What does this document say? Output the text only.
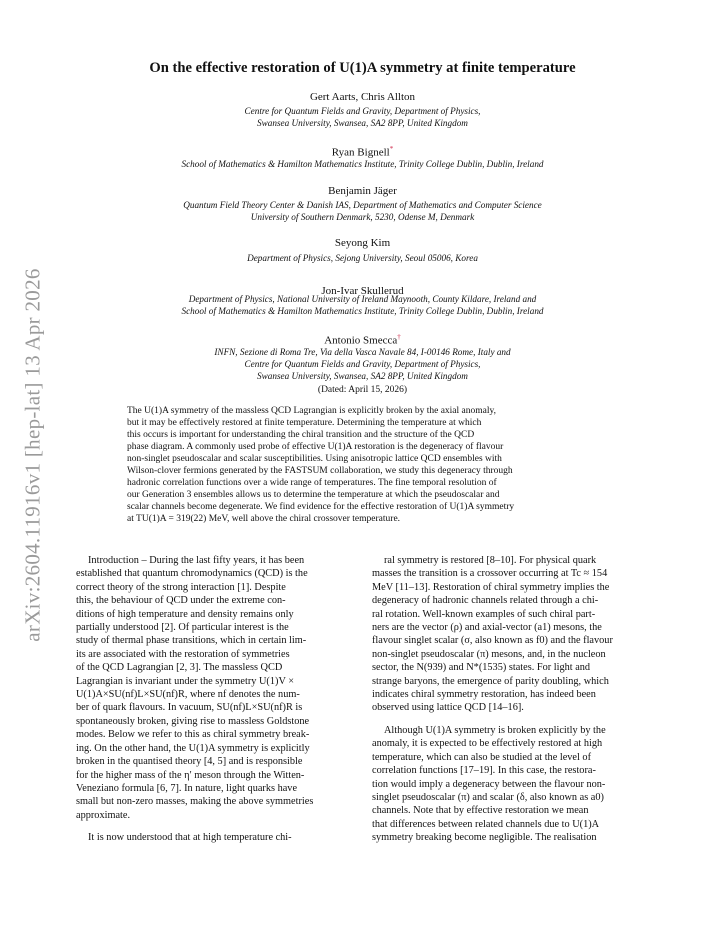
arXiv:2604.11916v1 [hep-lat] 13 Apr 2026
On the effective restoration of U(1)A symmetry at finite temperature
Gert Aarts, Chris Allton
Centre for Quantum Fields and Gravity, Department of Physics,
Swansea University, Swansea, SA2 8PP, United Kingdom
Ryan Bignell*
School of Mathematics & Hamilton Mathematics Institute, Trinity College Dublin, Dublin, Ireland
Benjamin Jäger
Quantum Field Theory Center & Danish IAS, Department of Mathematics and Computer Science
University of Southern Denmark, 5230, Odense M, Denmark
Seyong Kim
Department of Physics, Sejong University, Seoul 05006, Korea
Jon-Ivar Skullerud
Department of Physics, National University of Ireland Maynooth, County Kildare, Ireland and
School of Mathematics & Hamilton Mathematics Institute, Trinity College Dublin, Dublin, Ireland
Antonio Smecca†
INFN, Sezione di Roma Tre, Via della Vasca Navale 84, I-00146 Rome, Italy and
Centre for Quantum Fields and Gravity, Department of Physics,
Swansea University, Swansea, SA2 8PP, United Kingdom
(Dated: April 15, 2026)
The U(1)A symmetry of the massless QCD Lagrangian is explicitly broken by the axial anomaly,
but it may be effectively restored at finite temperature. Determining the temperature at which
this occurs is important for understanding the chiral transition and the structure of the QCD
phase diagram. A commonly used probe of effective U(1)A restoration is the degeneracy of flavour
non-singlet pseudoscalar and scalar susceptibilities. Using anisotropic lattice QCD ensembles with
Wilson-clover fermions generated by the FASTSUM collaboration, we study this degeneracy through
hadronic correlation functions over a wide range of temperatures. The fine temporal resolution of
our Generation 3 ensembles allows us to determine the temperature at which the pseudoscalar and
scalar channels become degenerate. We find evidence for the effective restoration of U(1)A symmetry
at TU(1)A = 319(22) MeV, well above the chiral crossover temperature.
Introduction – During the last fifty years, it has been
established that quantum chromodynamics (QCD) is the
correct theory of the strong interaction [1]. Despite
this, the behaviour of QCD under the extreme con-
ditions of high temperature and density remains only
partially understood [2]. Of particular interest is the
study of thermal phase transitions, which in certain lim-
its are associated with the restoration of symmetries
of the QCD Lagrangian [2, 3]. The massless QCD
Lagrangian is invariant under the symmetry U(1)V ×
U(1)A×SU(nf)L×SU(nf)R, where nf denotes the num-
ber of quark flavours. In vacuum, SU(nf)L×SU(nf)R is
spontaneously broken, giving rise to massless Goldstone
modes. Below we refer to this as chiral symmetry break-
ing. On the other hand, the U(1)A symmetry is explicitly
broken in the quantised theory [4, 5] and is responsible
for the higher mass of the η′ meson through the Witten-
Veneziano formula [6, 7]. In nature, light quarks have
small but non-zero masses, making the above symmetries
approximate.
It is now understood that at high temperature chi-
ral symmetry is restored [8–10]. For physical quark
masses the transition is a crossover occurring at Tc ≈ 154
MeV [11–13]. Restoration of chiral symmetry implies the
degeneracy of hadronic channels related through a chi-
ral rotation. Well-known examples of such chiral part-
ners are the vector (ρ) and axial-vector (a1) mesons, the
flavour singlet scalar (σ, also known as f0) and the flavour
non-singlet pseudoscalar (π) mesons, and, in the nucleon
sector, the N(939) and N*(1535) states. For light and
strange baryons, the emergence of parity doubling, which
indicates chiral symmetry restoration, has indeed been
observed using lattice QCD [14–16].
Although U(1)A symmetry is broken explicitly by the
anomaly, it is expected to be effectively restored at high
temperature, which can also be studied at the level of
correlation functions [17–19]. In this case, the restora-
tion would imply a degeneracy between the flavour non-
singlet pseudoscalar (π) and scalar (δ, also known as a0)
channels. Note that by effective restoration we mean
that differences between related channels due to U(1)A
symmetry breaking become negligible. The realisation
